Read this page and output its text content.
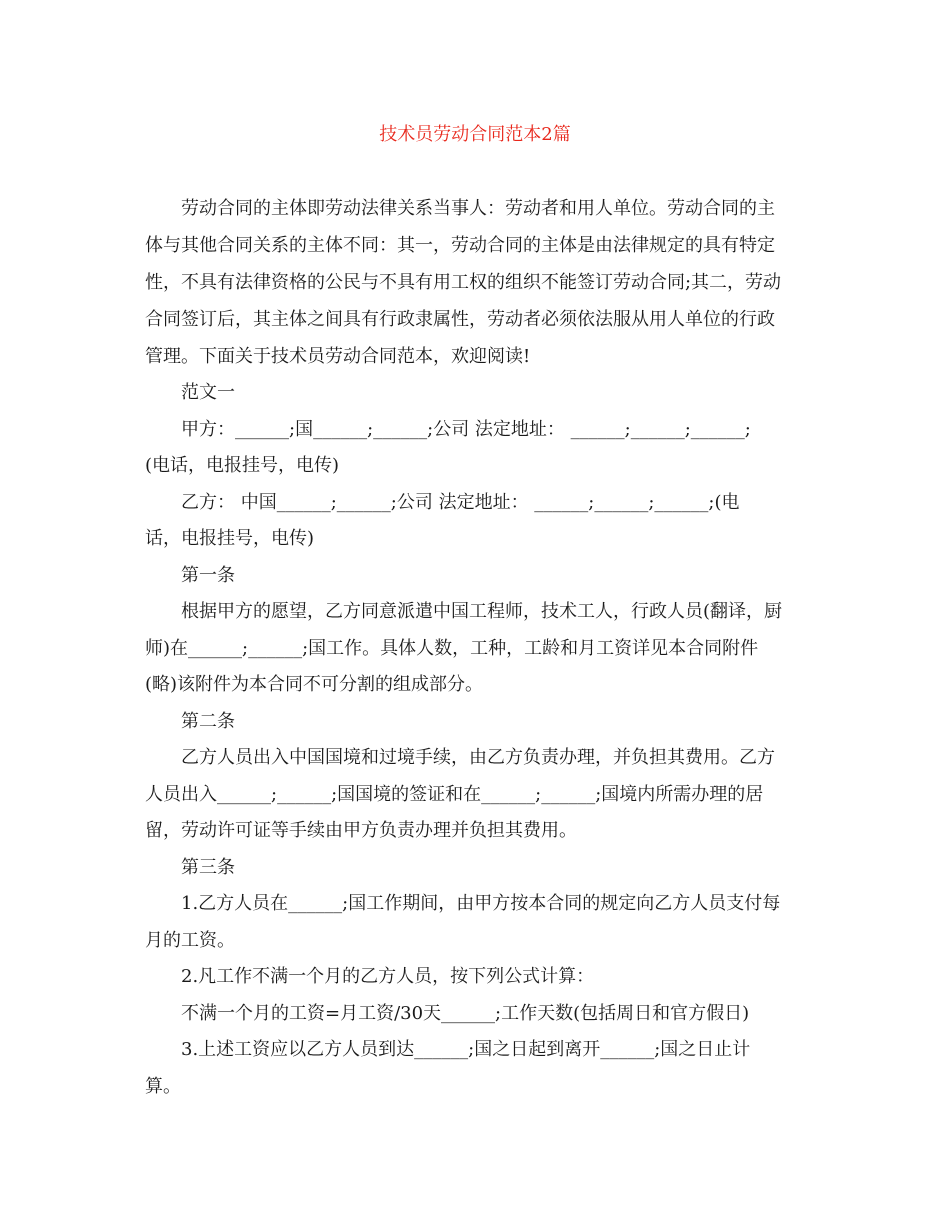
技术员劳动合同范本2篇
劳动合同的主体即劳动法律关系当事人：劳动者和用人单位。劳动合同的主
体与其他合同关系的主体不同：其一，劳动合同的主体是由法律规定的具有特定
性，不具有法律资格的公民与不具有用工权的组织不能签订劳动合同;其二，劳动
合同签订后，其主体之间具有行政隶属性，劳动者必须依法服从用人单位的行政
管理。下面关于技术员劳动合同范本，欢迎阅读!
范文一
甲方：______;国______;______;公司 法定地址： ______;______;______;
(电话，电报挂号，电传)
乙方： 中国______;______;公司 法定地址： ______;______;______;(电
话，电报挂号，电传)
第一条
根据甲方的愿望，乙方同意派遣中国工程师，技术工人，行政人员(翻译，厨
师)在______;______;国工作。具体人数，工种，工龄和月工资详见本合同附件
(略)该附件为本合同不可分割的组成部分。
第二条
乙方人员出入中国国境和过境手续，由乙方负责办理，并负担其费用。乙方
人员出入______;______;国国境的签证和在______;______;国境内所需办理的居
留，劳动许可证等手续由甲方负责办理并负担其费用。
第三条
1.乙方人员在______;国工作期间，由甲方按本合同的规定向乙方人员支付每
月的工资。
2.凡工作不满一个月的乙方人员，按下列公式计算：
不满一个月的工资=月工资/30天______;工作天数(包括周日和官方假日)
3.上述工资应以乙方人员到达______;国之日起到离开______;国之日止计
算。
